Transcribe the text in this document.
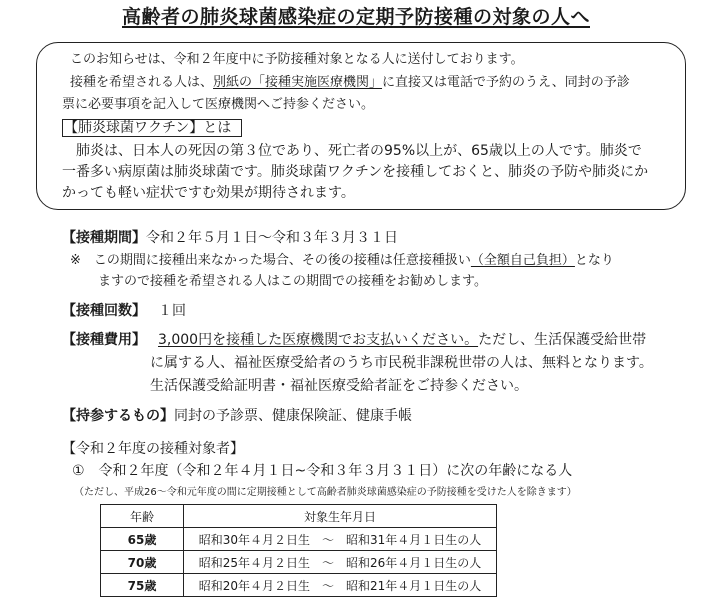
高齢者の肺炎球菌感染症の定期予防接種の対象の人へ
このお知らせは、令和２年度中に予防接種対象となる人に送付しております。
接種を希望される人は、別紙の「接種実施医療機関」に直接又は電話で予約のうえ、同封の予診
票に必要事項を記入して医療機関へご持参ください。
【肺炎球菌ワクチン】とは
肺炎は、日本人の死因の第３位であり、死亡者の95%以上が、65歳以上の人です。肺炎で
一番多い病原菌は肺炎球菌です。肺炎球菌ワクチンを接種しておくと、肺炎の予防や肺炎にか
かっても軽い症状ですむ効果が期待されます。
【接種期間】令和２年５月１日～令和３年３月３１日
※　この期間に接種出来なかった場合、その後の接種は任意接種扱い（全額自己負担）となり
ますので接種を希望される人はこの期間での接種をお勧めします。
【接種回数】 １回
【接種費用】 3,000円を接種した医療機関でお支払いください。ただし、生活保護受給世帯
に属する人、福祉医療受給者のうち市民税非課税世帯の人は、無料となります。
生活保護受給証明書・福祉医療受給者証をご持参ください。
【持参するもの】同封の予診票、健康保険証、健康手帳
【令和２年度の接種対象者】
①　令和２年度（令和２年４月１日~令和３年３月３１日）に次の年齢になる人
（ただし、平成26～令和元年度の間に定期接種として高齢者肺炎球菌感染症の予防接種を受けた人を除きます）
年齢	対象生年月日
65歳	昭和30年４月２日生　～　昭和31年４月１日生の人
70歳	昭和25年４月２日生　～　昭和26年４月１日生の人
75歳	昭和20年４月２日生　～　昭和21年４月１日生の人
